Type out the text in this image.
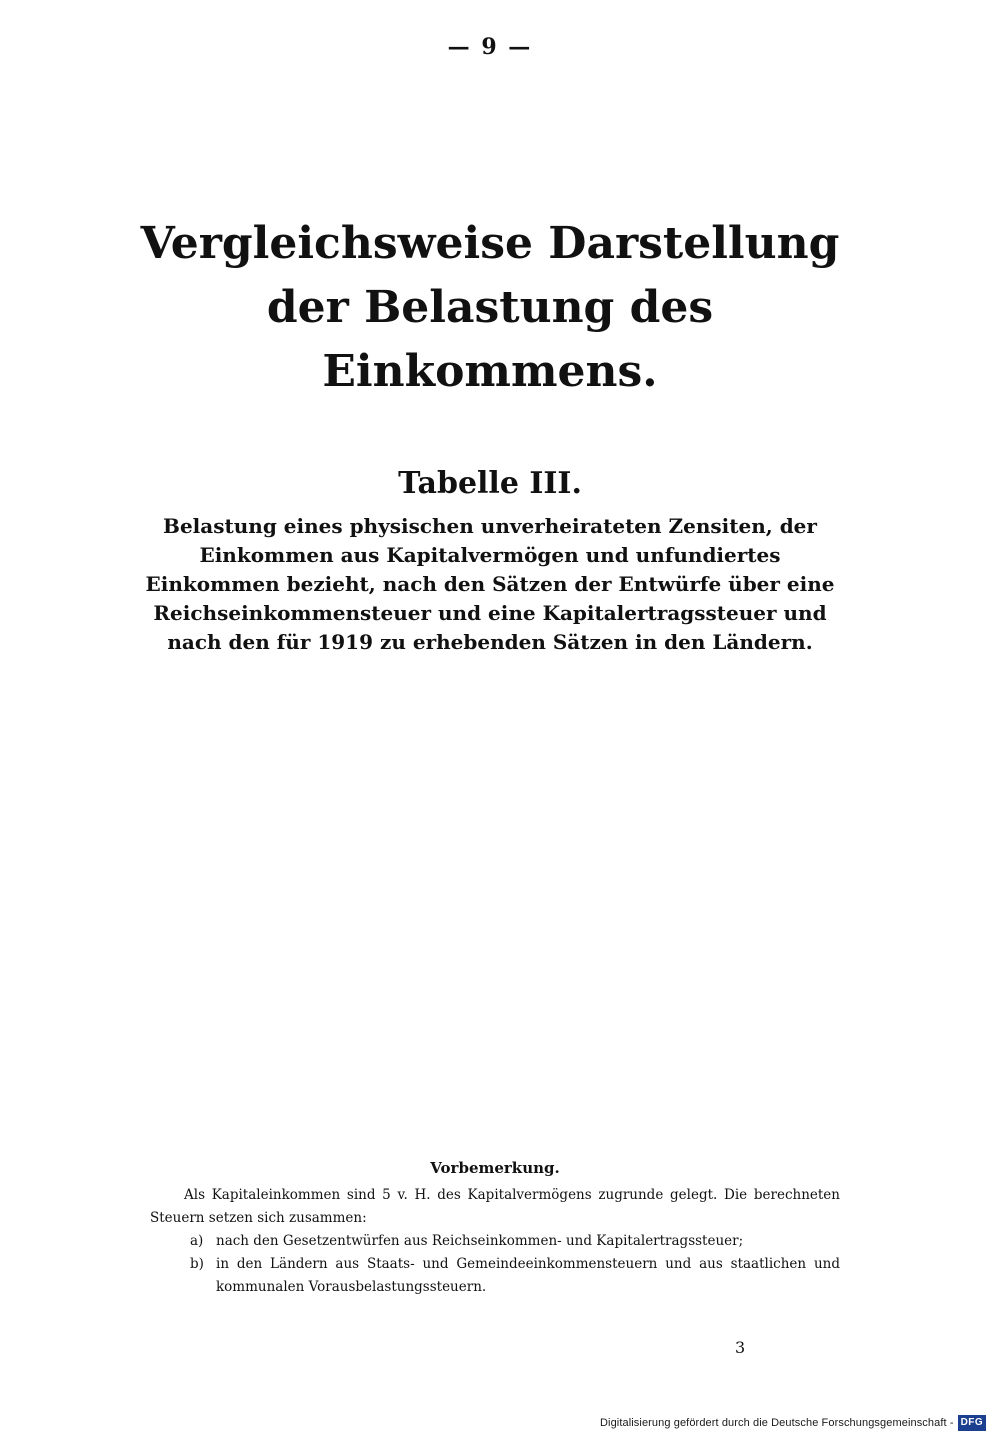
— 9 —
Vergleichsweise Darstellung
der Belastung des Einkommens.
Tabelle III.
Belastung eines physischen unverheirateten Zensiten, der Einkommen aus Kapitalvermögen und unfundiertes Einkommen bezieht, nach den Sätzen der Entwürfe über eine Reichseinkommensteuer und eine Kapitalertragssteuer und nach den für 1919 zu erhebenden Sätzen in den Ländern.
Vorbemerkung.

Als Kapitaleinkommen sind 5 v. H. des Kapitalvermögens zugrunde gelegt. Die berechneten Steuern setzen sich zusammen:

a) nach den Gesetzentwürfen aus Reichseinkommen- und Kapitalertragssteuer;
b) in den Ländern aus Staats- und Gemeindeeinkommensteuern und aus staatlichen und kommunalen Vorausbelastungssteuern.
3
Digitalisierung gefördert durch die Deutsche Forschungsgemeinschaft - DFG
